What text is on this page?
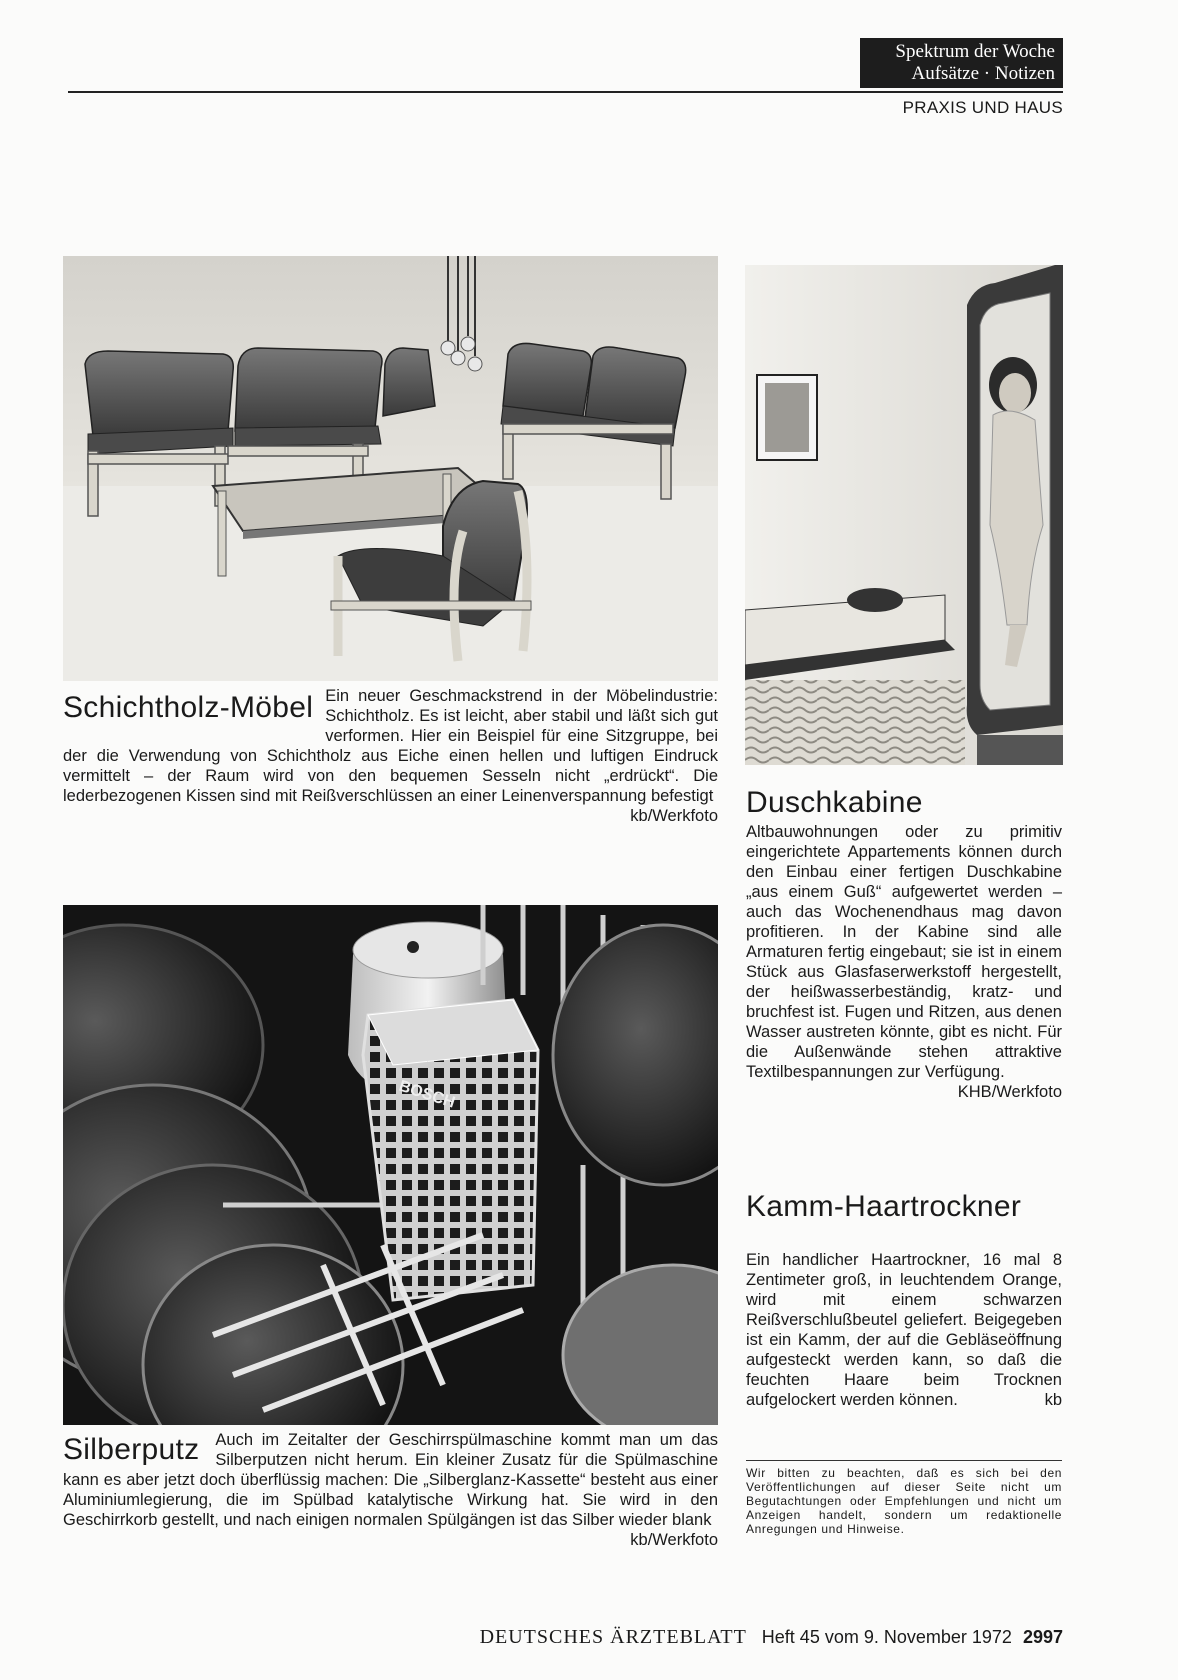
Spektrum der Woche
Aufsätze · Notizen
PRAXIS UND HAUS
Schichtholz-Möbel Ein neuer Geschmackstrend in der Möbelindustrie: Schichtholz. Es ist leicht, aber stabil und läßt sich gut verformen. Hier ein Beispiel für eine Sitzgruppe, bei der die Verwendung von Schichtholz aus Eiche einen hellen und luftigen Eindruck vermittelt – der Raum wird von den bequemen Sesseln nicht „erdrückt“. Die lederbezogenen Kissen sind mit Reißverschlüssen an einer Leinenverspannung befestigt
kb/Werkfoto Duschkabine
Altbauwohnungen oder zu primitiv eingerichtete Appartements können durch den Einbau einer fertigen Duschkabine „aus einem Guß“ aufgewertet werden – auch das Wochenendhaus mag davon profitieren. In der Kabine sind alle Armaturen fertig eingebaut; sie ist in einem Stück aus Glasfaserwerkstoff hergestellt, der heißwasserbeständig, kratz- und bruchfest ist. Fugen und Ritzen, aus denen Wasser austreten könnte, gibt es nicht. Für die Außenwände stehen attraktive Textilbespannungen zur Verfügung.
KHB/Werkfoto
Kamm-Haartrockner
Ein handlicher Haartrockner, 16 mal 8 Zentimeter groß, in leuchtendem Orange, wird mit einem schwarzen Reißverschlußbeutel geliefert. Beigegeben ist ein Kamm, der auf die Gebläseöffnung aufgesteckt werden kann, so daß die feuchten Haare beim Trocknen aufgelockert werden können.	kb
Wir bitten zu beachten, daß es sich bei den Veröffentlichungen auf dieser Seite nicht um Begutachtungen oder Empfehlungen und nicht um Anzeigen handelt, sondern um redaktionelle Anregungen und Hinweise.
BOSCH
Silberputz Auch im Zeitalter der Geschirrspülmaschine kommt man um das Silberputzen nicht herum. Ein kleiner Zusatz für die Spülmaschine kann es aber jetzt doch überflüssig machen: Die „Silberglanz-Kassette“ besteht aus einer Aluminiumlegierung, die im Spülbad katalytische Wirkung hat. Sie wird in den Geschirrkorb gestellt, und nach einigen normalen Spülgängen ist das Silber wieder blank
kb/Werkfoto
DEUTSCHES ÄRZTEBLATT Heft 45 vom 9. November 1972 2997
